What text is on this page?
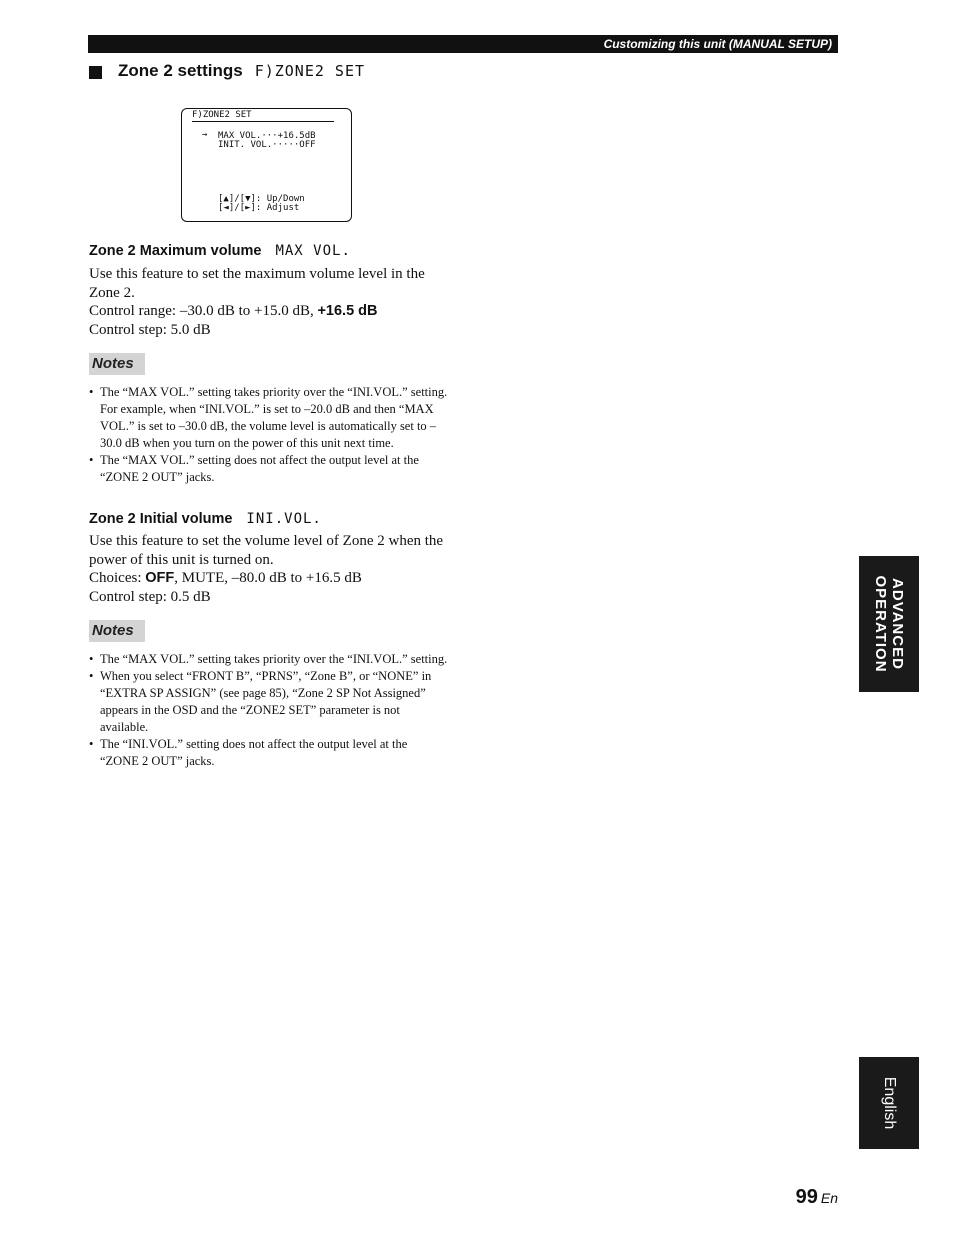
Customizing this unit (MANUAL SETUP)
Zone 2 settings F)ZONE2 SET
F)ZONE2 SET
→ MAX VOL.···+16.5dB
INIT. VOL.·····OFF
[▲]/[▼]: Up/Down
[◄]/[►]: Adjust
Zone 2 Maximum volume MAX VOL.
Use this feature to set the maximum volume level in the Zone 2.
Control range: –30.0 dB to +15.0 dB, +16.5 dB
Control step: 5.0 dB
Notes
• The “MAX VOL.” setting takes priority over the “INI.VOL.” setting. For example, when “INI.VOL.” is set to –20.0 dB and then “MAX VOL.” is set to –30.0 dB, the volume level is automatically set to –30.0 dB when you turn on the power of this unit next time.
• The “MAX VOL.” setting does not affect the output level at the “ZONE 2 OUT” jacks.
Zone 2 Initial volume INI.VOL.
Use this feature to set the volume level of Zone 2 when the power of this unit is turned on.
Choices: OFF, MUTE, –80.0 dB to +16.5 dB
Control step: 0.5 dB
Notes
• The “MAX VOL.” setting takes priority over the “INI.VOL.” setting.
• When you select “FRONT B”, “PRNS”, “Zone B”, or “NONE” in “EXTRA SP ASSIGN” (see page 85), “Zone 2 SP Not Assigned” appears in the OSD and the “ZONE2 SET” parameter is not available.
• The “INI.VOL.” setting does not affect the output level at the “ZONE 2 OUT” jacks.
ADVANCED
OPERATION
English
99 En
